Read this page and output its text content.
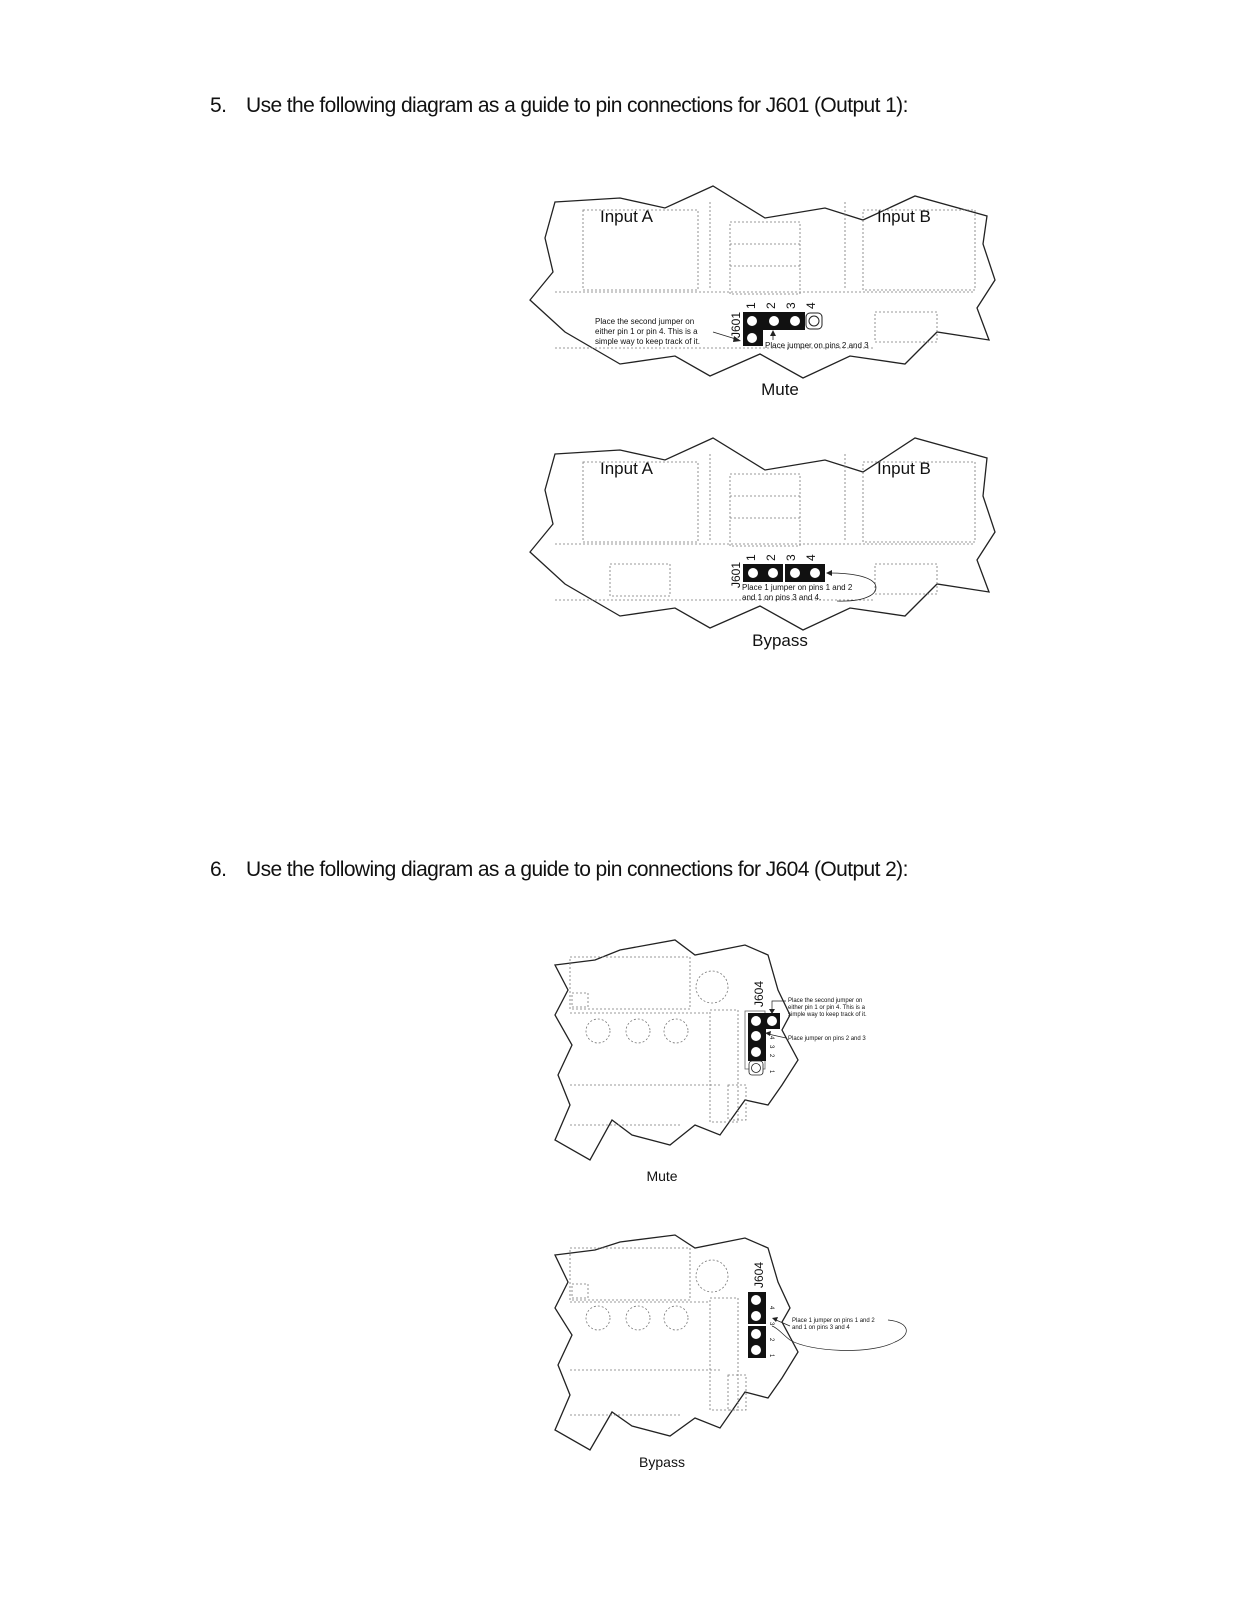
5. Use the following diagram as a guide to pin connections for J601 (Output 1):
6. Use the following diagram as a guide to pin connections for J604 (Output 2):
Input A	Input B
J601
1 2 3 4
Place the second jumper on
either pin 1 or pin 4. This is a
simple way to keep track of it.	Place jumper on pins 2 and 3
Mute
Input A	Input B
J601
1 2 3 4
Place 1 jumper on pins 1 and 2
and 1 on pins 3 and 4.
Bypass
J604
4
3
2
1
Place the second jumper on
either pin 1 or pin 4. This is a
simple way to keep track of it.
Place jumper on pins 2 and 3
Mute
J604
4
3
2
1
Place 1 jumper on pins 1 and 2
and 1 on pins 3 and 4
Bypass
